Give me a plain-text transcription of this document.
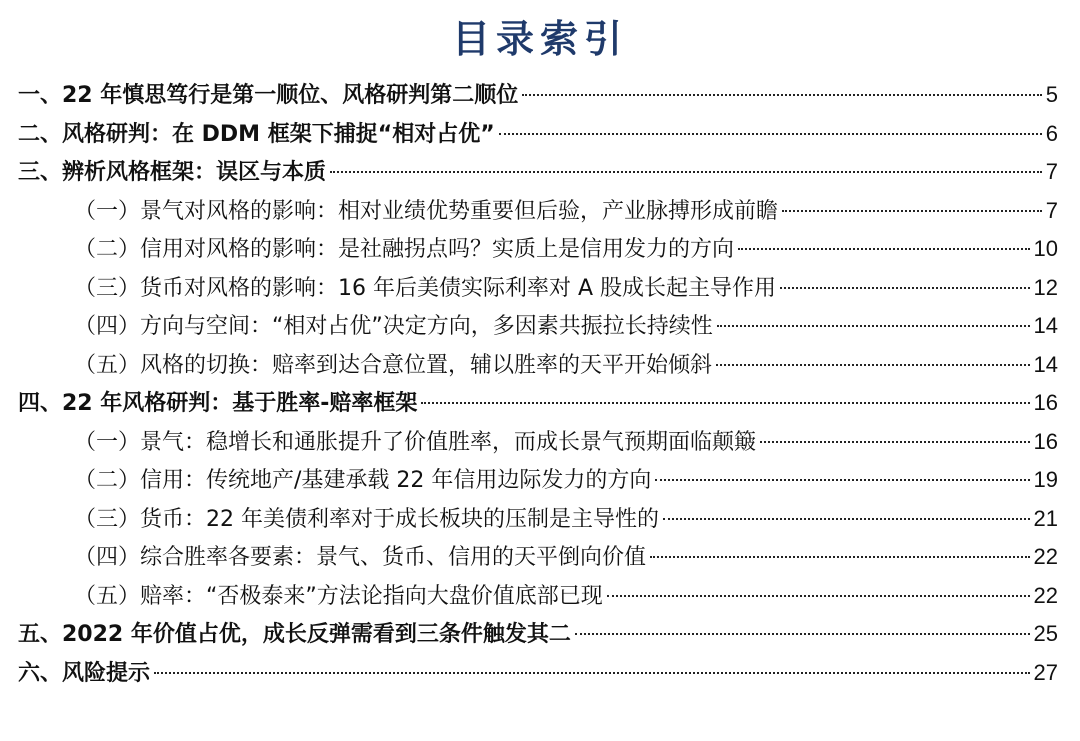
目录索引
一、22 年慎思笃行是第一顺位、风格研判第二顺位	5
二、风格研判：在 DDM 框架下捕捉“相对占优”	6
三、辨析风格框架：误区与本质	7
（一）景气对风格的影响：相对业绩优势重要但后验，产业脉搏形成前瞻	7
（二）信用对风格的影响：是社融拐点吗？实质上是信用发力的方向	10
（三）货币对风格的影响：16 年后美债实际利率对 A 股成长起主导作用	12
（四）方向与空间：“相对占优”决定方向，多因素共振拉长持续性	14
（五）风格的切换：赔率到达合意位置，辅以胜率的天平开始倾斜	14
四、22 年风格研判：基于胜率-赔率框架	16
（一）景气：稳增长和通胀提升了价值胜率，而成长景气预期面临颠簸	16
（二）信用：传统地产/基建承载 22 年信用边际发力的方向	19
（三）货币：22 年美债利率对于成长板块的压制是主导性的	21
（四）综合胜率各要素：景气、货币、信用的天平倒向价值	22
（五）赔率：“否极泰来”方法论指向大盘价值底部已现	22
五、2022 年价值占优，成长反弹需看到三条件触发其二	25
六、风险提示	27
